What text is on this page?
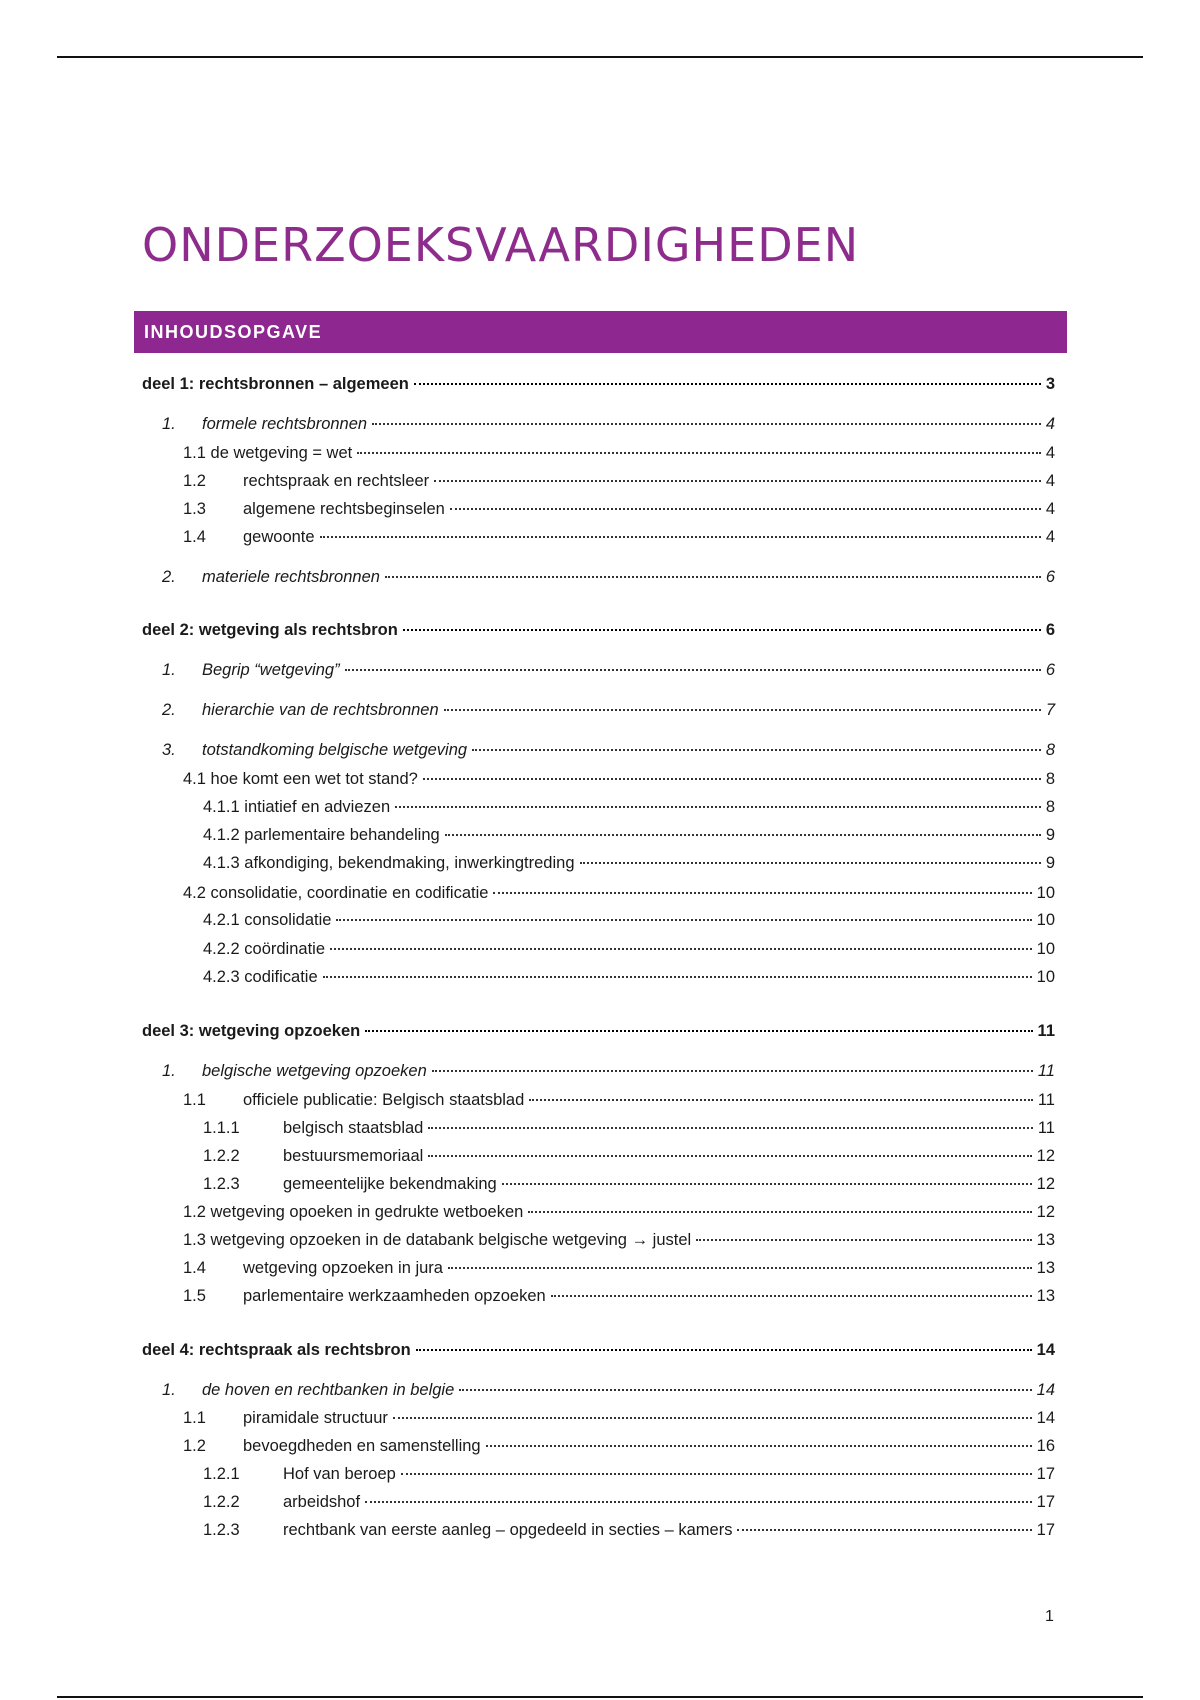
ONDERZOEKSVAARDIGHEDEN
INHOUDSOPGAVE
deel 1: rechtsbronnen – algemeen	3
1.	formele rechtsbronnen	4
1.1 de wetgeving = wet	4
1.2	rechtspraak en rechtsleer	4
1.3	algemene rechtsbeginselen	4
1.4	gewoonte	4
2.	materiele rechtsbronnen	6
deel 2: wetgeving als rechtsbron	6
1.	Begrip “wetgeving”	6
2.	hierarchie van de rechtsbronnen	7
3.	totstandkoming belgische wetgeving	8
4.1 hoe komt een wet tot stand?	8
4.1.1 intiatief en adviezen	8
4.1.2 parlementaire behandeling	9
4.1.3 afkondiging, bekendmaking, inwerkingtreding	9
4.2 consolidatie, coordinatie en codificatie	10
4.2.1 consolidatie	10
4.2.2 coördinatie	10
4.2.3 codificatie	10
deel 3: wetgeving opzoeken	11
1.	belgische wetgeving opzoeken	11
1.1	officiele publicatie: Belgisch staatsblad	11
1.1.1	belgisch staatsblad	11
1.2.2	bestuursmemoriaal	12
1.2.3	gemeentelijke bekendmaking	12
1.2 wetgeving opoeken in gedrukte wetboeken	12
1.3 wetgeving opzoeken in de databank belgische wetgeving → justel	13
1.4	wetgeving opzoeken in jura	13
1.5	parlementaire werkzaamheden opzoeken	13
deel 4: rechtspraak als rechtsbron	14
1.	de hoven en rechtbanken in belgie	14
1.1	piramidale structuur	14
1.2	bevoegdheden en samenstelling	16
1.2.1	Hof van beroep	17
1.2.2	arbeidshof	17
1.2.3	rechtbank van eerste aanleg – opgedeeld in secties – kamers	17
1
